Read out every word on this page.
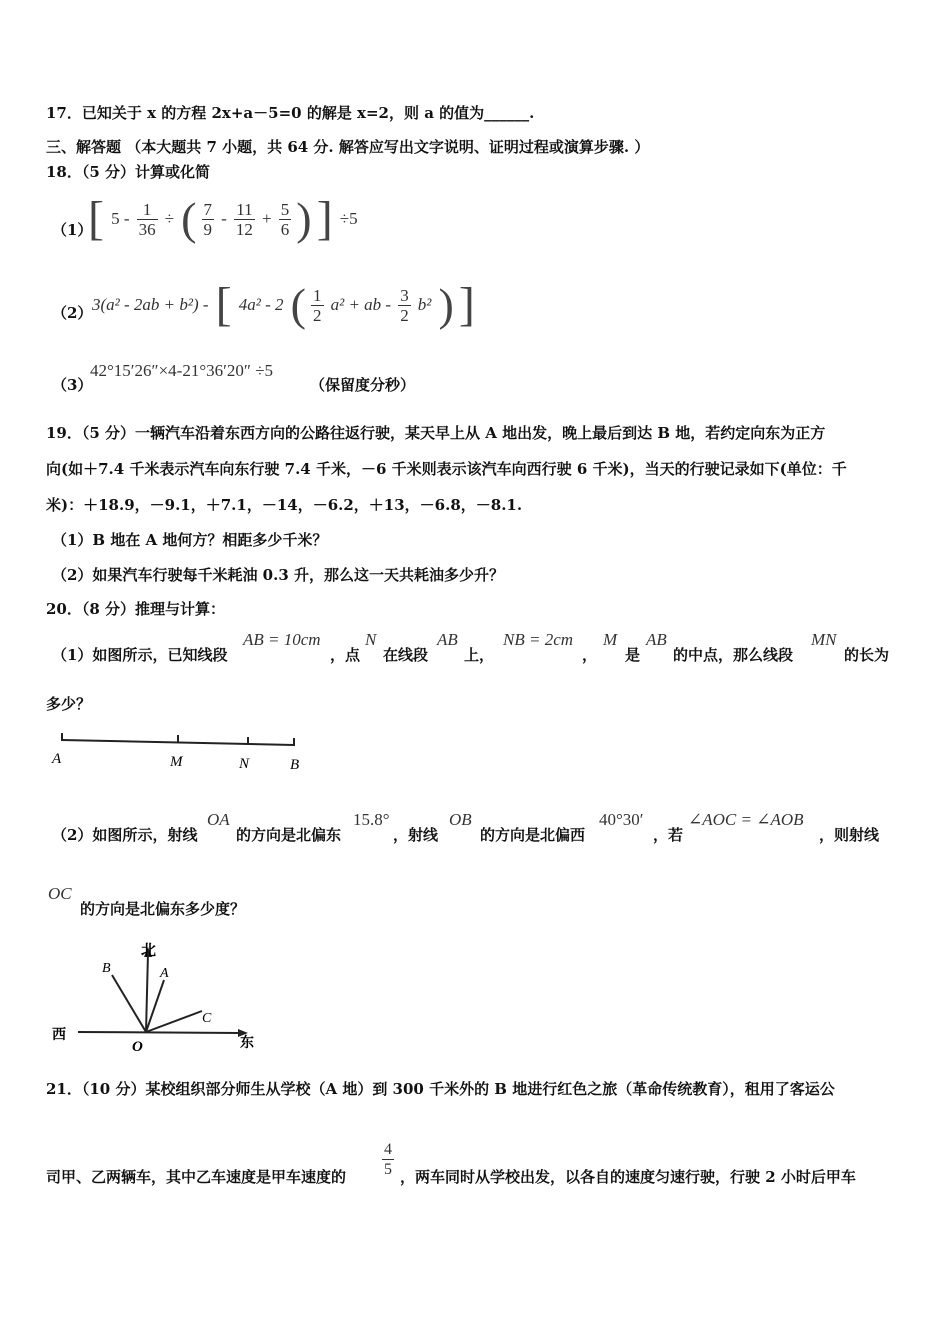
17．已知关于 x 的方程 2x+a－5=0 的解是 x=2，则 a 的值为______.
三、解答题 （本大题共 7 小题，共 64 分. 解答应写出文字说明、证明过程或演算步骤. ）
18．（5 分）计算或化简
（1）
[ $5 - \frac{1}{36}$ ÷ ( $\frac{7}{9} - \frac{11}{12} + \frac{5}{6}$ ) ] ÷5
（2） 3(a² - 2ab + b²) - [ 4a² - 2 ( $\frac{1}{2} a^2$ + ab - $\frac{3}{2} b^2$ ) ]
（3）
42°15′26″×4-21°36′20″ ÷5
（保留度分秒）
19．（5 分）一辆汽车沿着东西方向的公路往返行驶，某天早上从 A 地出发，晚上最后到达 B 地，若约定向东为正方
向(如＋7.4 千米表示汽车向东行驶 7.4 千米，－6 千米则表示该汽车向西行驶 6 千米)，当天的行驶记录如下(单位：千
米)：＋18.9，－9.1，＋7.1，－14，－6.2，＋13，－6.8，－8.1.
（1）B 地在 A 地何方？相距多少千米？
（2）如果汽车行驶每千米耗油 0.3 升，那么这一天共耗油多少升？
20．（8 分）推理与计算：
（1）如图所示，已知线段
AB = 10cm
，点
N
在线段
AB
上，
NB = 2cm
，
M
是
AB
的中点，那么线段
MN
的长为
多少？
A	M	N	B
（2）如图所示，射线
OA
的方向是北偏东
15.8°
，射线
OB
的方向是北偏西
40°30′
，若
∠AOC = ∠AOB
，则射线
OC
的方向是北偏东多少度？
北
西
东
O
B	A
C
21．（10 分）某校组织部分师生从学校（A 地）到 300 千米外的 B 地进行红色之旅（革命传统教育），租用了客运公
司甲、乙两辆车，其中乙车速度是甲车速度的 $\frac{4}{5}$ ，两车同时从学校出发，以各自的速度匀速行驶，行驶 2 小时后甲车
